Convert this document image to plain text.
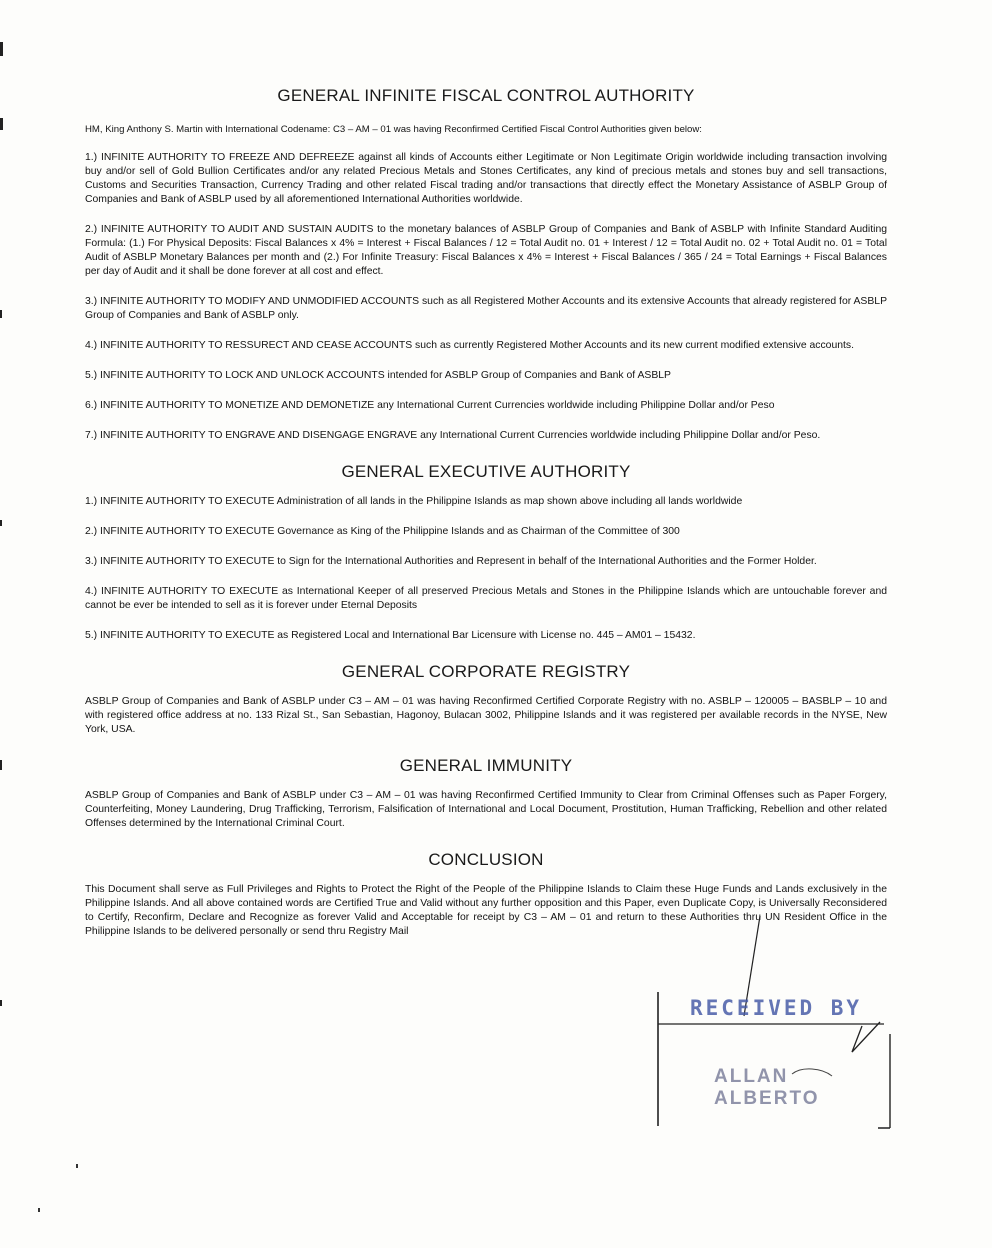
GENERAL INFINITE FISCAL CONTROL AUTHORITY

HM, King Anthony S. Martin with International Codename: C3 – AM – 01 was having Reconfirmed Certified Fiscal Control Authorities given below:

1.) INFINITE AUTHORITY TO FREEZE AND DEFREEZE against all kinds of Accounts either Legitimate or Non Legitimate Origin worldwide including transaction involving buy and/or sell of Gold Bullion Certificates and/or any related Precious Metals and Stones Certificates, any kind of precious metals and stones buy and sell transactions, Customs and Securities Transaction, Currency Trading and other related Fiscal trading and/or transactions that directly effect the Monetary Assistance of ASBLP Group of Companies and Bank of ASBLP used by all aforementioned International Authorities worldwide.

2.) INFINITE AUTHORITY TO AUDIT AND SUSTAIN AUDITS to the monetary balances of ASBLP Group of Companies and Bank of ASBLP with Infinite Standard Auditing Formula: (1.) For Physical Deposits: Fiscal Balances x 4% = Interest + Fiscal Balances / 12 = Total Audit no. 01 + Interest / 12 = Total Audit no. 02 + Total Audit no. 01 = Total Audit of ASBLP Monetary Balances per month and (2.) For Infinite Treasury: Fiscal Balances x 4% = Interest + Fiscal Balances / 365 / 24 = Total Earnings + Fiscal Balances per day of Audit and it shall be done forever at all cost and effect.

3.) INFINITE AUTHORITY TO MODIFY AND UNMODIFIED ACCOUNTS such as all Registered Mother Accounts and its extensive Accounts that already registered for ASBLP Group of Companies and Bank of ASBLP only.

4.) INFINITE AUTHORITY TO RESSURECT AND CEASE ACCOUNTS such as currently Registered Mother Accounts and its new current modified extensive accounts.

5.) INFINITE AUTHORITY TO LOCK AND UNLOCK ACCOUNTS intended for ASBLP Group of Companies and Bank of ASBLP

6.) INFINITE AUTHORITY TO MONETIZE AND DEMONETIZE any International Current Currencies worldwide including Philippine Dollar and/or Peso

7.) INFINITE AUTHORITY TO ENGRAVE AND DISENGAGE ENGRAVE any International Current Currencies worldwide including Philippine Dollar and/or Peso.

GENERAL EXECUTIVE AUTHORITY

1.) INFINITE AUTHORITY TO EXECUTE Administration of all lands in the Philippine Islands as map shown above including all lands worldwide

2.) INFINITE AUTHORITY TO EXECUTE Governance as King of the Philippine Islands and as Chairman of the Committee of 300

3.) INFINITE AUTHORITY TO EXECUTE to Sign for the International Authorities and Represent in behalf of the International Authorities and the Former Holder.

4.) INFINITE AUTHORITY TO EXECUTE as International Keeper of all preserved Precious Metals and Stones in the Philippine Islands which are untouchable forever and cannot be ever be intended to sell as it is forever under Eternal Deposits

5.) INFINITE AUTHORITY TO EXECUTE as Registered Local and International Bar Licensure with License no. 445 – AM01 – 15432.

GENERAL CORPORATE REGISTRY

ASBLP Group of Companies and Bank of ASBLP under C3 – AM – 01 was having Reconfirmed Certified Corporate Registry with no. ASBLP – 120005 – BASBLP – 10 and with registered office address at no. 133 Rizal St., San Sebastian, Hagonoy, Bulacan 3002, Philippine Islands and it was registered per available records in the NYSE, New York, USA.

GENERAL IMMUNITY

ASBLP Group of Companies and Bank of ASBLP under C3 – AM – 01 was having Reconfirmed Certified Immunity to Clear from Criminal Offenses such as Paper Forgery, Counterfeiting, Money Laundering, Drug Trafficking, Terrorism, Falsification of International and Local Document, Prostitution, Human Trafficking, Rebellion and other related Offenses determined by the International Criminal Court.

CONCLUSION

This Document shall serve as Full Privileges and Rights to Protect the Right of the People of the Philippine Islands to Claim these Huge Funds and Lands exclusively in the Philippine Islands. And all above contained words are Certified True and Valid without any further opposition and this Paper, even Duplicate Copy, is Universally Reconsidered to Certify, Reconfirm, Declare and Recognize as forever Valid and Acceptable for receipt by C3 – AM – 01 and return to these Authorities thru UN Resident Office in the Philippine Islands to be delivered personally or send thru Registry Mail

RECEIVED BY
ALLAN ALBERTO
